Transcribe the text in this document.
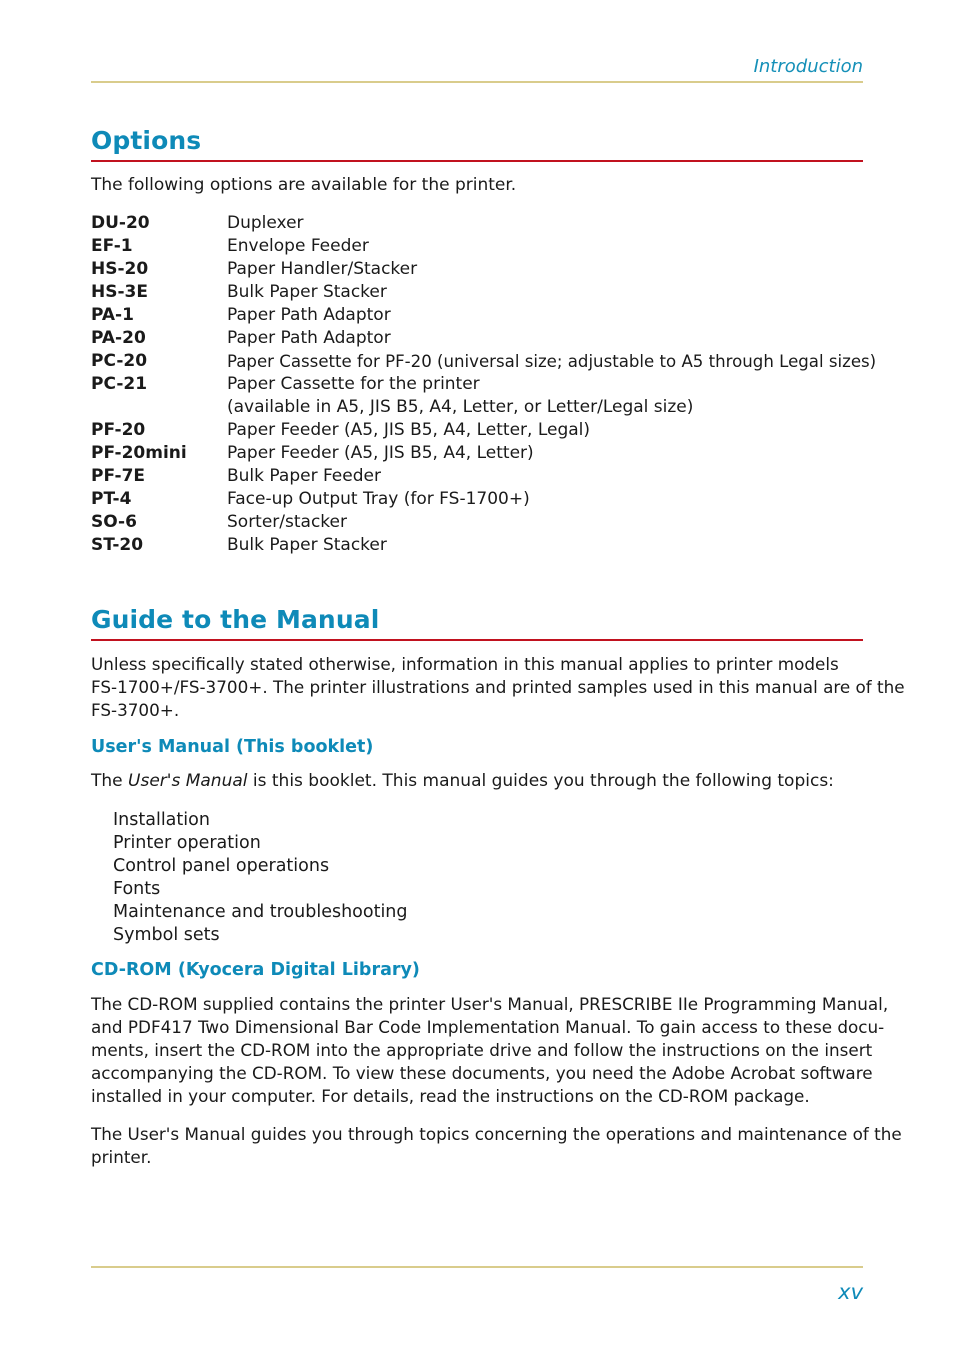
Introduction
Options
The following options are available for the printer.
DU-20	Duplexer
EF-1	Envelope Feeder
HS-20	Paper Handler/Stacker
HS-3E	Bulk Paper Stacker
PA-1	Paper Path Adaptor
PA-20	Paper Path Adaptor
PC-20	Paper Cassette for PF-20 (universal size; adjustable to A5 through Legal sizes)
PC-21	Paper Cassette for the printer
(available in A5, JIS B5, A4, Letter, or Letter/Legal size)
PF-20	Paper Feeder (A5, JIS B5, A4, Letter, Legal)
PF-20mini	Paper Feeder (A5, JIS B5, A4, Letter)
PF-7E	Bulk Paper Feeder
PT-4	Face-up Output Tray (for FS-1700+)
SO-6	Sorter/stacker
ST-20	Bulk Paper Stacker
Guide to the Manual
Unless specifically stated otherwise, information in this manual applies to printer models
FS-1700+/FS-3700+. The printer illustrations and printed samples used in this manual are of the
FS-3700+.
User's Manual (This booklet)
The User's Manual is this booklet. This manual guides you through the following topics:
Installation
Printer operation
Control panel operations
Fonts
Maintenance and troubleshooting
Symbol sets
CD-ROM (Kyocera Digital Library)
The CD-ROM supplied contains the printer User's Manual, PRESCRIBE IIe Programming Manual,
and PDF417 Two Dimensional Bar Code Implementation Manual. To gain access to these docu-
ments, insert the CD-ROM into the appropriate drive and follow the instructions on the insert
accompanying the CD-ROM. To view these documents, you need the Adobe Acrobat software
installed in your computer. For details, read the instructions on the CD-ROM package.
The User's Manual guides you through topics concerning the operations and maintenance of the
printer.
xv
